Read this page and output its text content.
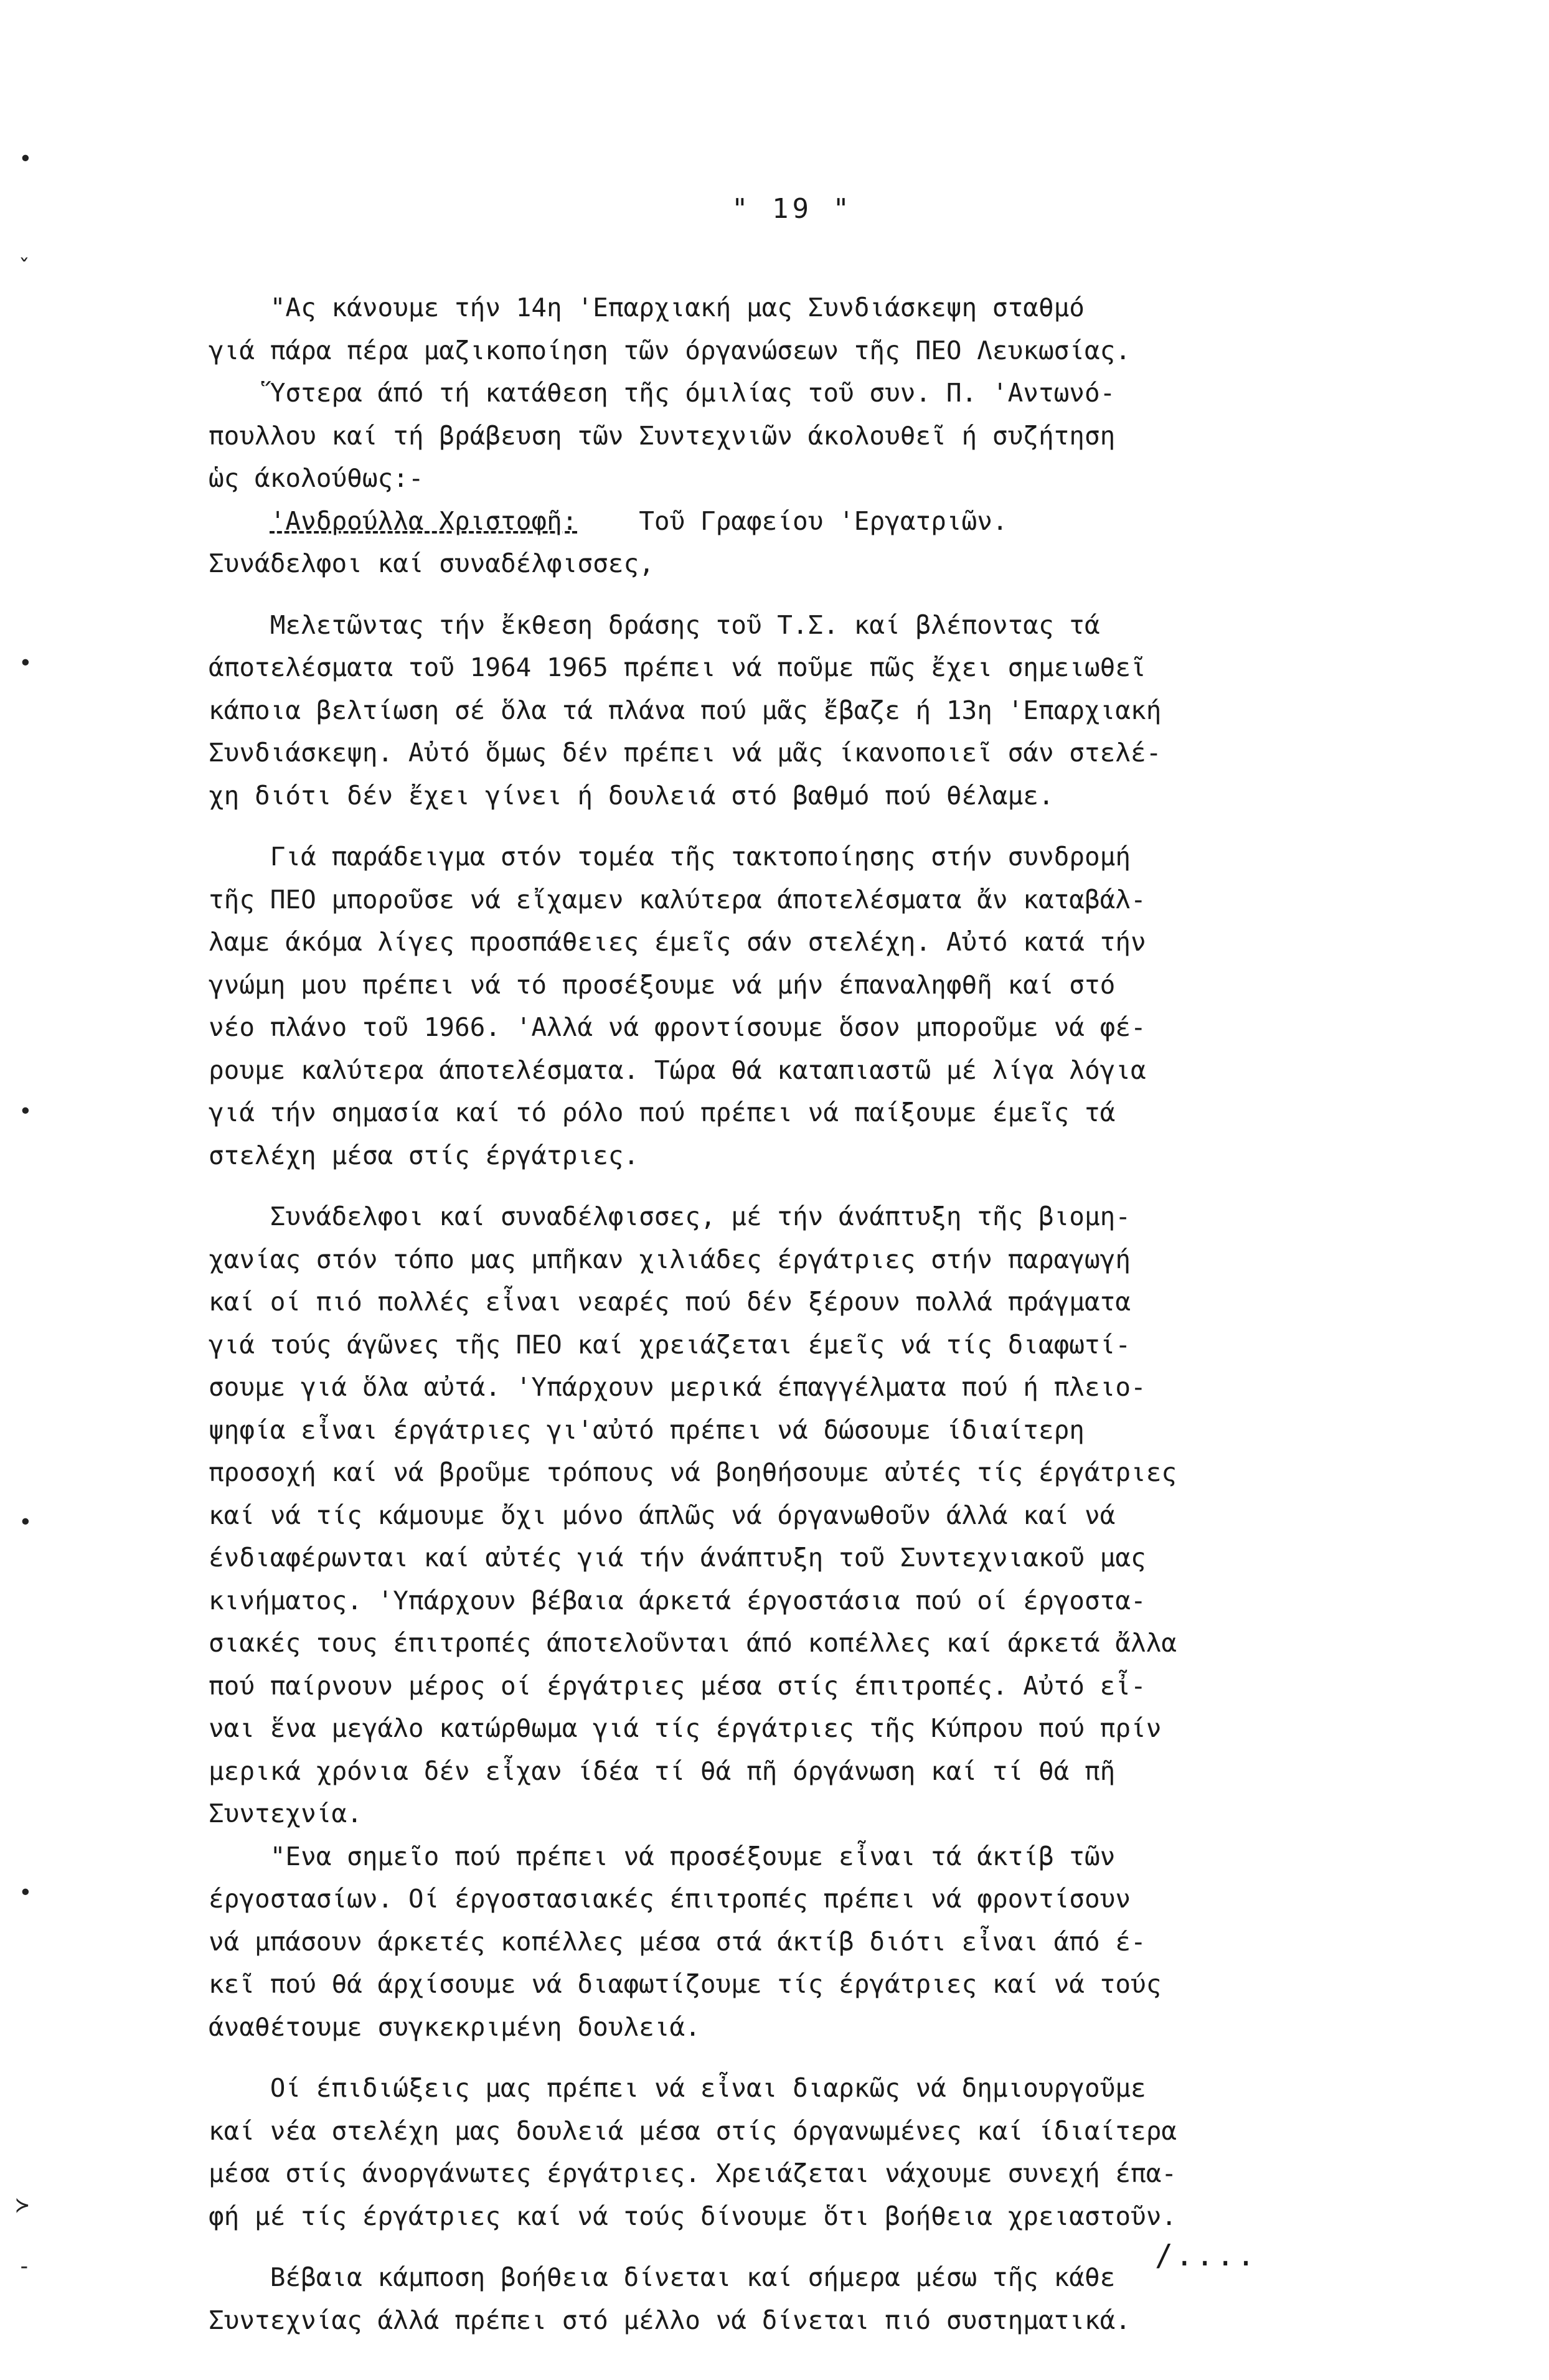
" 19 "
"Ας κάνουμε τήν 14η 'Επαρχιακή μας Συνδιάσκεψη σταθμό
γιά πάρα πέρα μαζικοποίηση τῶν όργανώσεων τῆς ΠΕΟ Λευκωσίας.
Ὕστερα άπό τή κατάθεση τῆς όμιλίας τοῦ συν. Π. 'Αντωνό-
πουλλου καί τή βράβευση τῶν Συντεχνιῶν άκολουθεῖ ή συζήτηση
ὡς άκολούθως:-
'Ανδρούλλα Χριστοφῆ: Τοῦ Γραφείου 'Εργατριῶν.
Συνάδελφοι καί συναδέλφισσες,
Μελετῶντας τήν ἔκθεση δράσης τοῦ Τ.Σ. καί βλέποντας τά
άποτελέσματα τοῦ 1964 1965 πρέπει νά ποῦμε πῶς ἔχει σημειωθεῖ
κάποια βελτίωση σέ ὅλα τά πλάνα πού μᾶς ἔβαζε ή 13η 'Επαρχιακή
Συνδιάσκεψη. Αὐτό ὅμως δέν πρέπει νά μᾶς ίκανοποιεῖ σάν στελέ-
χη διότι δέν ἔχει γίνει ή δουλειά στό βαθμό πού θέλαμε.
Γιά παράδειγμα στόν τομέα τῆς τακτοποίησης στήν συνδρομή
τῆς ΠΕΟ μποροῦσε νά εἴχαμεν καλύτερα άποτελέσματα ἄν καταβάλ-
λαμε άκόμα λίγες προσπάθειες έμεῖς σάν στελέχη. Αὐτό κατά τήν
γνώμη μου πρέπει νά τό προσέξουμε νά μήν έπαναληφθῆ καί στό
νέο πλάνο τοῦ 1966. 'Αλλά νά φροντίσουμε ὅσον μποροῦμε νά φέ-
ρουμε καλύτερα άποτελέσματα. Τώρα θά καταπιαστῶ μέ λίγα λόγια
γιά τήν σημασία καί τό ρόλο πού πρέπει νά παίξουμε έμεῖς τά
στελέχη μέσα στίς έργάτριες.
Συνάδελφοι καί συναδέλφισσες, μέ τήν άνάπτυξη τῆς βιομη-
χανίας στόν τόπο μας μπῆκαν χιλιάδες έργάτριες στήν παραγωγή
καί οί πιό πολλές εἶναι νεαρές πού δέν ξέρουν πολλά πράγματα
γιά τούς άγῶνες τῆς ΠΕΟ καί χρειάζεται έμεῖς νά τίς διαφωτί-
σουμε γιά ὅλα αὐτά. 'Υπάρχουν μερικά έπαγγέλματα πού ή πλειο-
ψηφία εἶναι έργάτριες γι'αὐτό πρέπει νά δώσουμε ίδιαίτερη
προσοχή καί νά βροῦμε τρόπους νά βοηθήσουμε αὐτές τίς έργάτριες
καί νά τίς κάμουμε ὄχι μόνο άπλῶς νά όργανωθοῦν άλλά καί νά
ένδιαφέρωνται καί αὐτές γιά τήν άνάπτυξη τοῦ Συντεχνιακοῦ μας
κινήματος. 'Υπάρχουν βέβαια άρκετά έργοστάσια πού οί έργοστα-
σιακές τους έπιτροπές άποτελοῦνται άπό κοπέλλες καί άρκετά ἄλλα
πού παίρνουν μέρος οί έργάτριες μέσα στίς έπιτροπές. Αὐτό εἶ-
ναι ἕνα μεγάλο κατώρθωμα γιά τίς έργάτριες τῆς Κύπρου πού πρίν
μερικά χρόνια δέν εἶχαν ίδέα τί θά πῆ όργάνωση καί τί θά πῆ
Συντεχνία.
"Ενα σημεῖο πού πρέπει νά προσέξουμε εἶναι τά άκτίβ τῶν
έργοστασίων. Οί έργοστασιακές έπιτροπές πρέπει νά φροντίσουν
νά μπάσουν άρκετές κοπέλλες μέσα στά άκτίβ διότι εἶναι άπό έ-
κεῖ πού θά άρχίσουμε νά διαφωτίζουμε τίς έργάτριες καί νά τούς
άναθέτουμε συγκεκριμένη δουλειά.
Οί έπιδιώξεις μας πρέπει νά εἶναι διαρκῶς νά δημιουργοῦμε
καί νέα στελέχη μας δουλειά μέσα στίς όργανωμένες καί ίδιαίτερα
μέσα στίς άνοργάνωτες έργάτριες. Χρειάζεται νάχουμε συνεχή έπα-
φή μέ τίς έργάτριες καί νά τούς δίνουμε ὅτι βοήθεια χρειαστοῦν.
Βέβαια κάμποση βοήθεια δίνεται καί σήμερα μέσω τῆς κάθε
Συντεχνίας άλλά πρέπει στό μέλλο νά δίνεται πιό συστηματικά.
/....
•
ˇ
•
•
•
•
≻
-
